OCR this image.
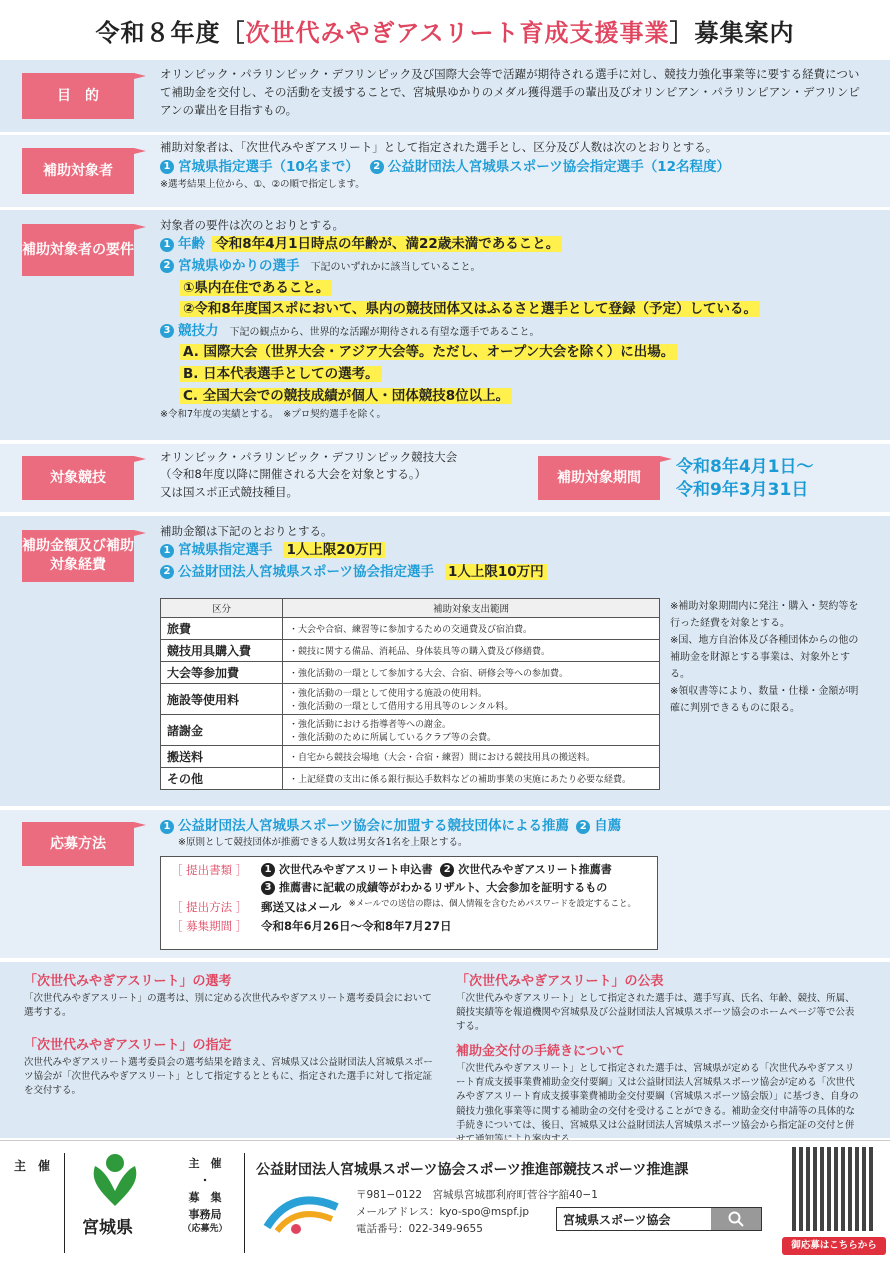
令和８年度［ 次世代みやぎアスリート育成支援事業 ］募集案内
目　的
オリンピック・パラリンピック・デフリンピック及び国際大会等で活躍が期待される選手に対し、競技力強化事業等に要する経費について補助金を交付し、その活動を支援することで、宮城県ゆかりのメダル獲得選手の輩出及びオリンピアン・パラリンピアン・デフリンピアンの輩出を目指すもの。
補助対象者
補助対象者は、「次世代みやぎアスリート」として指定された選手とし、区分及び人数は次のとおりとする。
1 宮城県指定選手（10名まで） 2 公益財団法人宮城県スポーツ協会指定選手（12名程度）
※選考結果上位から、①、②の順で指定します。
補助対象者の要件
対象者の要件は次のとおりとする。
1 年齢 令和8年4月1日時点の年齢が、満22歳未満であること。
2 宮城県ゆかりの選手 下記のいずれかに該当していること。
①県内在住であること。
②令和8年度国スポにおいて、県内の競技団体又はふるさと選手として登録（予定）している。
3 競技力 下記の観点から、世界的な活躍が期待される有望な選手であること。
A. 国際大会（世界大会・アジア大会等。ただし、オープン大会を除く）に出場。
B. 日本代表選手としての選考。
C. 全国大会での競技成績が個人・団体競技8位以上。
※令和7年度の実績とする。　※プロ契約選手を除く。
対象競技
オリンピック・パラリンピック・デフリンピック競技大会
（令和8年度以降に開催される大会を対象とする。）
又は国スポ正式競技種目。
補助対象期間
令和8年4月1日～
令和9年3月31日
補助金額及び補助対象経費
補助金額は下記のとおりとする。
1 宮城県指定選手 1人上限20万円
2 公益財団法人宮城県スポーツ協会指定選手 1人上限10万円
区分	補助対象支出範囲
旅費	・大会や合宿、練習等に参加するための交通費及び宿泊費。

競技用具購入費	・競技に関する備品、消耗品、身体装具等の購入費及び修繕費。

大会等参加費	・強化活動の一環として参加する大会、合宿、研修会等への参加費。

施設等使用料	・強化活動の一環として使用する施設の使用料。
・強化活動の一環として借用する用具等のレンタル料。

諸謝金	・強化活動における指導者等への謝金。
・強化活動のために所属しているクラブ等の会費。

搬送料	・自宅から競技会場地（大会・合宿・練習）間における競技用具の搬送料。

その他	・上記経費の支出に係る銀行振込手数料などの補助事業の実施にあたり必要な経費。
※補助対象期間内に発注・購入・契約等を行った経費を対象とする。
※国、地方自治体及び各種団体からの他の補助金を財源とする事業は、対象外とする。
※領収書等により、数量・仕様・金額が明確に判別できるものに限る。
応募方法
1 公益財団法人宮城県スポーツ協会に加盟する競技団体による推薦 2 自薦
※原則として競技団体が推薦できる人数は男女各1名を上限とする。
［ 提出書類 ］	1 次世代みやぎアスリート申込書 2 次世代みやぎアスリート推薦書
3 推薦書に記載の成績等がわかるリザルト、大会参加を証明するもの
［ 提出方法 ］	郵送又はメール
※メールでの送信の際は、個人情報を含むためパスワードを設定すること。
［ 募集期間 ］	令和8年6月26日～令和8年7月27日
「次世代みやぎアスリート」の選考
「次世代みやぎアスリート」の選考は、別に定める次世代みやぎアスリート選考委員会において選考する。
「次世代みやぎアスリート」の指定
次世代みやぎアスリート選考委員会の選考結果を踏まえ、宮城県又は公益財団法人宮城県スポーツ協会が「次世代みやぎアスリート」として指定するとともに、指定された選手に対して指定証を交付する。
「次世代みやぎアスリート」の公表
「次世代みやぎアスリート」として指定された選手は、選手写真、氏名、年齢、競技、所属、競技実績等を報道機関や宮城県及び公益財団法人宮城県スポーツ協会のホームページ等で公表する。
補助金交付の手続きについて
「次世代みやぎアスリート」として指定された選手は、宮城県が定める「次世代みやぎアスリート育成支援事業費補助金交付要綱」又は公益財団法人宮城県スポーツ協会が定める「次世代みやぎアスリート育成支援事業費補助金交付要綱（宮城県スポーツ協会版）」に基づき、自身の競技力強化事業等に関する補助金の交付を受けることができる。補助金交付申請等の具体的な手続きについては、後日、宮城県又は公益財団法人宮城県スポーツ協会から指定証の交付と併
主　催
宮城県
主　催
・
募　集
事務局
（応募先）
公益財団法人宮城県スポーツ協会スポーツ推進部競技スポーツ推進課
〒981−0122　宮城県宮城郡利府町菅谷字舘40−1
メールアドレス：kyo-spo@mspf.jp
電話番号：022-349-9655
宮城県スポーツ協会
御応募はこちらから
